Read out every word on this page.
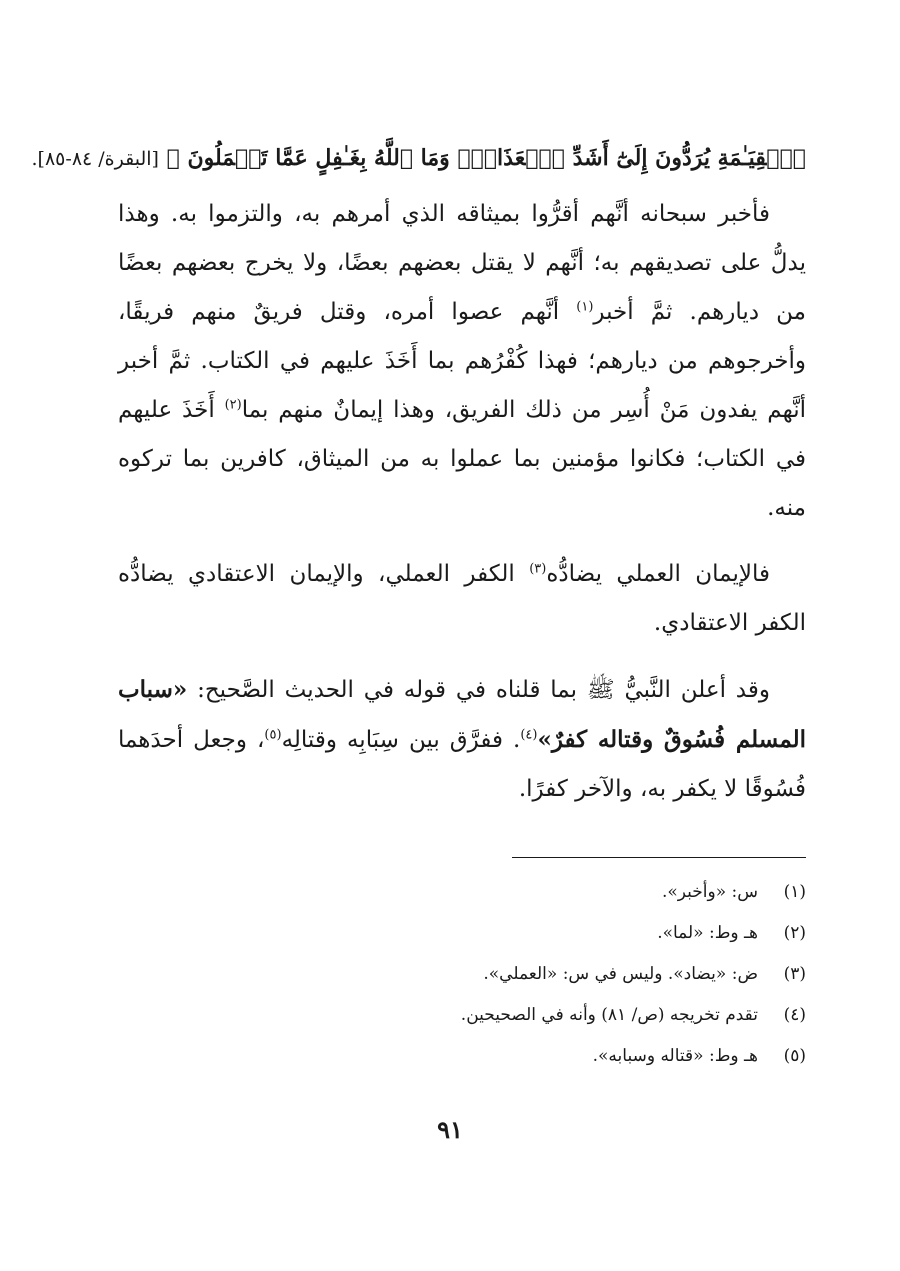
ٱلۡقِيَـٰمَةِ يُرَدُّونَ إِلَىٰٓ أَشَدِّ ٱلۡعَذَابِۗ وَمَا ٱللَّهُ بِغَـٰفِلٍ عَمَّا تَعۡمَلُونَ ﴾ [البقرة/ ٨٤-٨٥].

فأخبر سبحانه أنَّهم أقرُّوا بميثاقه الذي أمرهم به، والتزموا به. وهذا يدلُّ على تصديقهم به؛ أنَّهم لا يقتل بعضهم بعضًا، ولا يخرج بعضهم بعضًا من ديارهم. ثمَّ أخبر$^{(١)}$ أنَّهم عصوا أمره، وقتل فريقٌ منهم فريقًا، وأخرجوهم من ديارهم؛ فهذا كُفْرُهم بما أَخَذَ عليهم في الكتاب. ثمَّ أخبر أنَّهم يفدون مَنْ أُسِر من ذلك الفريق، وهذا إيمانٌ منهم بما$^{(٢)}$ أَخَذَ عليهم في الكتاب؛ فكانوا مؤمنين بما عملوا به من الميثاق، كافرين بما تركوه منه.

فالإيمان العملي يضادُّه$^{(٣)}$ الكفر العملي، والإيمان الاعتقادي يضادُّه الكفر الاعتقادي.

وقد أعلن النَّبيُّ ﷺ بما قلناه في قوله في الحديث الصَّحيح: «سباب المسلم فُسُوقٌ وقتاله كفرٌ»$^{(٤)}$. ففرَّق بين سِبَابِه وقتالِه$^{(٥)}$، وجعل أحدَهما فُسُوقًا لا يكفر به، والآخر كفرًا.

(١)
س: «وأخبر».
(٢)
هـ وط: «لما».
(٣)
ض: «يضاد». وليس في س: «العملي».
(٤)
تقدم تخريجه (ص/ ٨١) وأنه في الصحيحين.
(٥)
هـ وط: «قتاله وسبابه».
٩١
